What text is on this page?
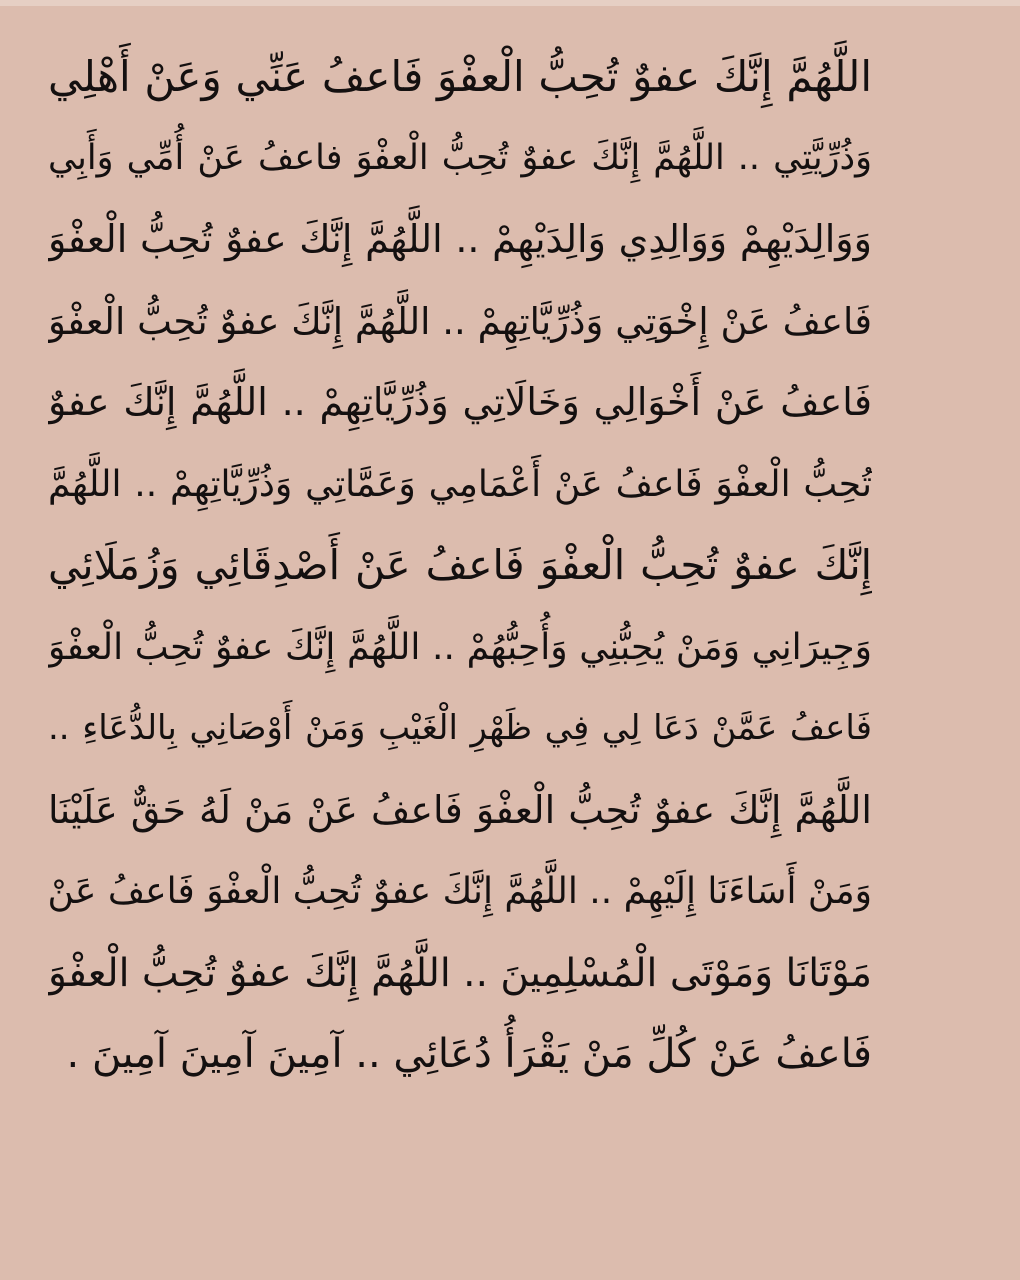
اللَّهُمَّ إِنَّكَ عفوٌ تُحِبُّ الْعفْوَ فَاعفُ عَنِّي وَعَنْ أَهْلِي
وَذُرِّيَّتِي .. اللَّهُمَّ إِنَّكَ عفوٌ تُحِبُّ الْعفْوَ فاعفُ عَنْ أُمِّي وَأَبِي
وَوَالِدَيْهِمْ وَوَالِدِي وَالِدَيْهِمْ .. اللَّهُمَّ إِنَّكَ عفوٌ تُحِبُّ الْعفْوَ
فَاعفُ عَنْ إِخْوَتِي وَذُرِّيَّاتِهِمْ .. اللَّهُمَّ إِنَّكَ عفوٌ تُحِبُّ الْعفْوَ
فَاعفُ عَنْ أَخْوَالِي وَخَالَاتِي وَذُرِّيَّاتِهِمْ .. اللَّهُمَّ إِنَّكَ عفوٌ
تُحِبُّ الْعفْوَ فَاعفُ عَنْ أَعْمَامِي وَعَمَّاتِي وَذُرِّيَّاتِهِمْ .. اللَّهُمَّ
إِنَّكَ عفوٌ تُحِبُّ الْعفْوَ فَاعفُ عَنْ أَصْدِقَائِي وَزُمَلَائِي
وَجِيرَانِي وَمَنْ يُحِبُّنِي وَأُحِبُّهُمْ .. اللَّهُمَّ إِنَّكَ عفوٌ تُحِبُّ الْعفْوَ
فَاعفُ عَمَّنْ دَعَا لِي فِي ظَهْرِ الْغَيْبِ وَمَنْ أَوْصَانِي بِالدُّعَاءِ ..
اللَّهُمَّ إِنَّكَ عفوٌ تُحِبُّ الْعفْوَ فَاعفُ عَنْ مَنْ لَهُ حَقٌّ عَلَيْنَا
وَمَنْ أَسَاءَنَا إِلَيْهِمْ .. اللَّهُمَّ إِنَّكَ عفوٌ تُحِبُّ الْعفْوَ فَاعفُ عَنْ
مَوْتَانَا وَمَوْتَى الْمُسْلِمِينَ .. اللَّهُمَّ إِنَّكَ عفوٌ تُحِبُّ الْعفْوَ
فَاعفُ عَنْ كُلِّ مَنْ يَقْرَأُ دُعَائِي .. آمِينَ آمِينَ آمِينَ .
